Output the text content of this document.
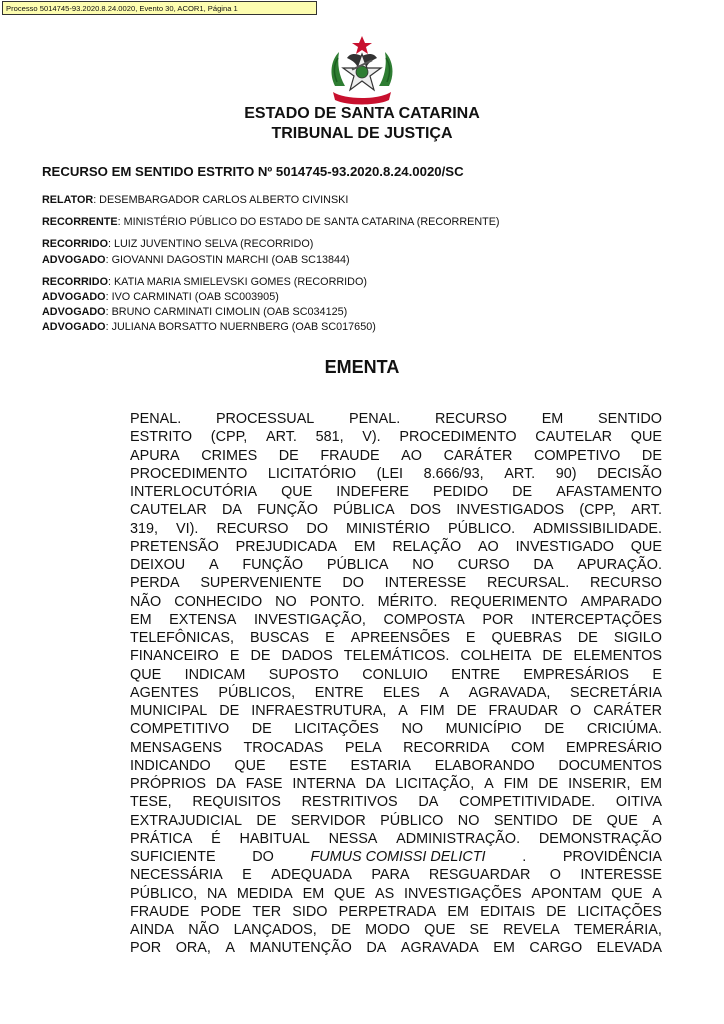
Processo 5014745-93.2020.8.24.0020, Evento 30, ACOR1, Página 1
ESTADO DE SANTA CATARINA
TRIBUNAL DE JUSTIÇA
RECURSO EM SENTIDO ESTRITO Nº 5014745-93.2020.8.24.0020/SC
RELATOR: DESEMBARGADOR CARLOS ALBERTO CIVINSKI
RECORRENTE: MINISTÉRIO PÚBLICO DO ESTADO DE SANTA CATARINA (RECORRENTE)
RECORRIDO: LUIZ JUVENTINO SELVA (RECORRIDO)
ADVOGADO: GIOVANNI DAGOSTIN MARCHI (OAB SC13844)
RECORRIDO: KATIA MARIA SMIELEVSKI GOMES (RECORRIDO)
ADVOGADO: IVO CARMINATI (OAB SC003905)
ADVOGADO: BRUNO CARMINATI CIMOLIN (OAB SC034125)
ADVOGADO: JULIANA BORSATTO NUERNBERG (OAB SC017650)
EMENTA
PENAL. PROCESSUAL PENAL. RECURSO EM SENTIDO
ESTRITO (CPP, ART. 581, V). PROCEDIMENTO CAUTELAR QUE
APURA CRIMES DE FRAUDE AO CARÁTER COMPETIVO DE
PROCEDIMENTO LICITATÓRIO (LEI 8.666/93, ART. 90) DECISÃO
INTERLOCUTÓRIA QUE INDEFERE PEDIDO DE AFASTAMENTO
CAUTELAR DA FUNÇÃO PÚBLICA DOS INVESTIGADOS (CPP, ART.
319, VI). RECURSO DO MINISTÉRIO PÚBLICO. ADMISSIBILIDADE.
PRETENSÃO PREJUDICADA EM RELAÇÃO AO INVESTIGADO QUE
DEIXOU A FUNÇÃO PÚBLICA NO CURSO DA APURAÇÃO.
PERDA SUPERVENIENTE DO INTERESSE RECURSAL. RECURSO
NÃO CONHECIDO NO PONTO. MÉRITO. REQUERIMENTO AMPARADO
EM EXTENSA INVESTIGAÇÃO, COMPOSTA POR INTERCEPTAÇÕES
TELEFÔNICAS, BUSCAS E APREENSÕES E QUEBRAS DE SIGILO
FINANCEIRO E DE DADOS TELEMÁTICOS. COLHEITA DE ELEMENTOS
QUE INDICAM SUPOSTO CONLUIO ENTRE EMPRESÁRIOS E
AGENTES PÚBLICOS, ENTRE ELES A AGRAVADA, SECRETÁRIA
MUNICIPAL DE INFRAESTRUTURA, A FIM DE FRAUDAR O CARÁTER
COMPETITIVO DE LICITAÇÕES NO MUNICÍPIO DE CRICIÚMA.
MENSAGENS TROCADAS PELA RECORRIDA COM EMPRESÁRIO
INDICANDO QUE ESTE ESTARIA ELABORANDO DOCUMENTOS
PRÓPRIOS DA FASE INTERNA DA LICITAÇÃO, A FIM DE INSERIR, EM
TESE, REQUISITOS RESTRITIVOS DA COMPETITIVIDADE. OITIVA
EXTRAJUDICIAL DE SERVIDOR PÚBLICO NO SENTIDO DE QUE A
PRÁTICA É HABITUAL NESSA ADMINISTRAÇÃO. DEMONSTRAÇÃO
SUFICIENTE	DO	FUMUS COMISSI DELICTI	.	PROVIDÊNCIA
NECESSÁRIA E ADEQUADA PARA RESGUARDAR O INTERESSE
PÚBLICO, NA MEDIDA EM QUE AS INVESTIGAÇÕES APONTAM QUE A
FRAUDE PODE TER SIDO PERPETRADA EM EDITAIS DE LICITAÇÕES
AINDA NÃO LANÇADOS, DE MODO QUE SE REVELA TEMERÁRIA,
POR ORA, A MANUTENÇÃO DA AGRAVADA EM CARGO ELEVADA
